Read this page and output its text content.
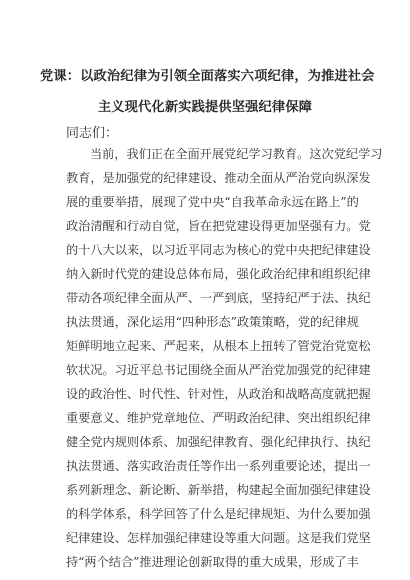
党课：以政治纪律为引领全面落实六项纪律，为推进社会
主义现代化新实践提供坚强纪律保障
同志们：
当前，我们正在全面开展党纪学习教育。这次党纪学习
教育，是加强党的纪律建设、推动全面从严治党向纵深发
展的重要举措，展现了党中央“自我革命永远在路上”的
政治清醒和行动自觉，旨在把党建设得更加坚强有力。党
的十八大以来，以习近平同志为核心的党中央把纪律建设
纳入新时代党的建设总体布局，强化政治纪律和组织纪律
带动各项纪律全面从严、一严到底，坚持纪严于法、执纪
执法贯通，深化运用“四种形态”政策策略，党的纪律规
矩鲜明地立起来、严起来，从根本上扭转了管党治党宽松
软状况。习近平总书记围绕全面从严治党加强党的纪律建
设的政治性、时代性、针对性，从政治和战略高度就把握
重要意义、维护党章地位、严明政治纪律、突出组织纪律
健全党内规则体系、加强纪律教育、强化纪律执行、执纪
执法贯通、落实政治责任等作出一系列重要论述，提出一
系列新理念、新论断、新举措，构建起全面加强纪律建设
的科学体系，科学回答了什么是纪律规矩、为什么要加强
纪律建设、怎样加强纪律建设等重大问题。这是我们党坚
持“两个结合”推进理论创新取得的重大成果，形成了丰
